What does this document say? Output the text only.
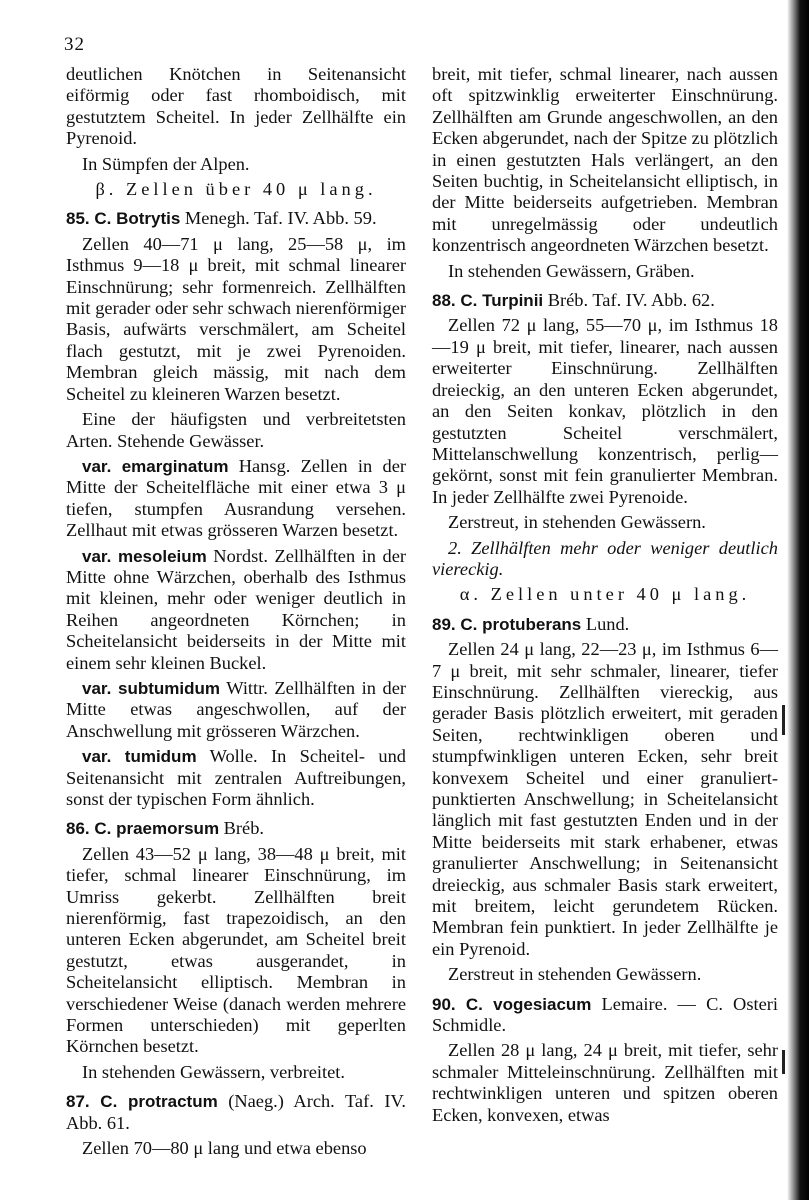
32

deutlichen Knötchen in Seitenansicht eiförmig oder fast rhomboidisch, mit gestutztem Scheitel. In jeder Zellhälfte ein Pyrenoid.

In Sümpfen der Alpen.

β. Zellen über 40 μ lang.

85. C. Botrytis Menegh. Taf. IV. Abb. 59.

Zellen 40—71 μ lang, 25—58 μ, im Isthmus 9—18 μ breit, mit schmal linearer Einschnürung; sehr formenreich. Zellhälften mit gerader oder sehr schwach nierenförmiger Basis, aufwärts verschmälert, am Scheitel flach gestutzt, mit je zwei Pyrenoiden. Membran gleich mässig, mit nach dem Scheitel zu kleineren Warzen besetzt.

Eine der häufigsten und verbreitetsten Arten. Stehende Gewässer.

var. emarginatum Hansg. Zellen in der Mitte der Scheitelfläche mit einer etwa 3 μ tiefen, stumpfen Ausrandung versehen. Zellhaut mit etwas grösseren Warzen besetzt.

var. mesoleium Nordst. Zellhälften in der Mitte ohne Wärzchen, oberhalb des Isthmus mit kleinen, mehr oder weniger deutlich in Reihen angeordneten Körnchen; in Scheitelansicht beiderseits in der Mitte mit einem sehr kleinen Buckel.

var. subtumidum Wittr. Zellhälften in der Mitte etwas angeschwollen, auf der Anschwellung mit grösseren Wärzchen.

var. tumidum Wolle. In Scheitel- und Seitenansicht mit zentralen Auftreibungen, sonst der typischen Form ähnlich.

86. C. praemorsum Bréb.

Zellen 43—52 μ lang, 38—48 μ breit, mit tiefer, schmal linearer Einschnürung, im Umriss gekerbt. Zellhälften breit nierenförmig, fast trapezoidisch, an den unteren Ecken abgerundet, am Scheitel breit gestutzt, etwas ausgerandet, in Scheitelansicht elliptisch. Membran in verschiedener Weise (danach werden mehrere Formen unterschieden) mit geperlten Körnchen besetzt.

In stehenden Gewässern, verbreitet.

87. C. protractum (Naeg.) Arch. Taf. IV. Abb. 61.

Zellen 70—80 μ lang und etwa ebenso

breit, mit tiefer, schmal linearer, nach aussen oft spitzwinklig erweiterter Einschnürung. Zellhälften am Grunde angeschwollen, an den Ecken abgerundet, nach der Spitze zu plötzlich in einen gestutzten Hals verlängert, an den Seiten buchtig, in Scheitelansicht elliptisch, in der Mitte beiderseits aufgetrieben. Membran mit unregelmässig oder undeutlich konzentrisch angeordneten Wärzchen besetzt.

In stehenden Gewässern, Gräben.

88. C. Turpinii Bréb. Taf. IV. Abb. 62.

Zellen 72 μ lang, 55—70 μ, im Isthmus 18—19 μ breit, mit tiefer, linearer, nach aussen erweiterter Einschnürung. Zellhälften dreieckig, an den unteren Ecken abgerundet, an den Seiten konkav, plötzlich in den gestutzten Scheitel verschmälert, Mittelanschwellung konzentrisch, perlig—gekörnt, sonst mit fein granulierter Membran. In jeder Zellhälfte zwei Pyrenoide.

Zerstreut, in stehenden Gewässern.

2. Zellhälften mehr oder weniger deutlich viereckig.

α. Zellen unter 40 μ lang.

89. C. protuberans Lund.

Zellen 24 μ lang, 22—23 μ, im Isthmus 6—7 μ breit, mit sehr schmaler, linearer, tiefer Einschnürung. Zellhälften viereckig, aus gerader Basis plötzlich erweitert, mit geraden Seiten, rechtwinkligen oberen und stumpfwinkligen unteren Ecken, sehr breit konvexem Scheitel und einer granuliert-punktierten Anschwellung; in Scheitelansicht länglich mit fast gestutzten Enden und in der Mitte beiderseits mit stark erhabener, etwas granulierter Anschwellung; in Seitenansicht dreieckig, aus schmaler Basis stark erweitert, mit breitem, leicht gerundetem Rücken. Membran fein punktiert. In jeder Zellhälfte je ein Pyrenoid.

Zerstreut in stehenden Gewässern.

90. C. vogesiacum Lemaire. — C. Osteri Schmidle.

Zellen 28 μ lang, 24 μ breit, mit tiefer, sehr schmaler Mitteleinschnürung. Zellhälften mit rechtwinkligen unteren und spitzen oberen Ecken, konvexen, etwas
